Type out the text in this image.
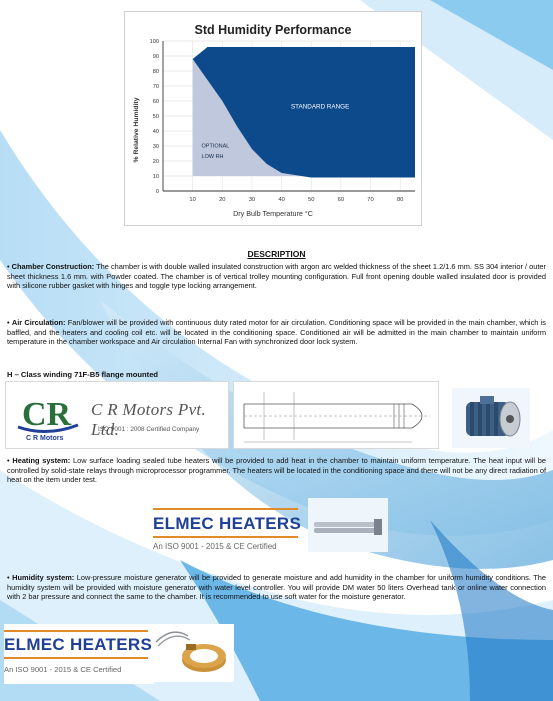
Std Humidity Performance
0
10
20
30
40
50
60
70
80
90
100
10	20	30	40	50	60	70	80
STANDARD RANGE
OPTIONAL
LOW RH
% Relative Humidity
Dry Bulb Temperature °C
DESCRIPTION

• Chamber Construction: The chamber is with double walled insulated construction with argon arc welded thickness of the sheet 1.2/1.6 mm. SS 304 interior / outer sheet thickness 1.6 mm. with Powder coated. The chamber is of vertical trolley mounting configuration. Full front opening double walled insulated door is provided with silicone rubber gasket with hinges and toggle type locking arrangement.

• Air Circulation: Fan/blower will be provided with continuous duty rated motor for air circulation. Conditioning space will be provided in the main chamber, which is baffled, and the heaters and cooling coil etc. will be located in the conditioning space. Conditioned air will be admitted in the main chamber to maintain uniform temperature in the chamber workspace and Air circulation Internal Fan with synchronized door lock system.

H – Class winding 71F-B5 flange mounted
CR
C R Motors
C R Motors Pvt. Ltd.
ISO 9001 : 2008 Certified Company

• Heating system: Low surface loading sealed tube heaters will be provided to add heat in the chamber to maintain uniform temperature. The heat input will be controlled by solid-state relays through microprocessor programmer. The heaters will be located in the conditioning space and there will not be any direct radiation of heat on the item under test.

ELMEC HEATERS
An ISO 9001 - 2015 & CE Certified

• Humidity system: Low-pressure moisture generator will be provided to generate moisture and add humidity in the chamber for uniform humidity conditions. The humidity system will be provided with moisture generator with water level controller. You will provide DM water 50 liters Overhead tank or online water connection with 2 bar pressure and connect the same to the chamber. It is recommended to use soft water for the moisture generator.

ELMEC HEATERS
An ISO 9001 - 2015 & CE Certified
